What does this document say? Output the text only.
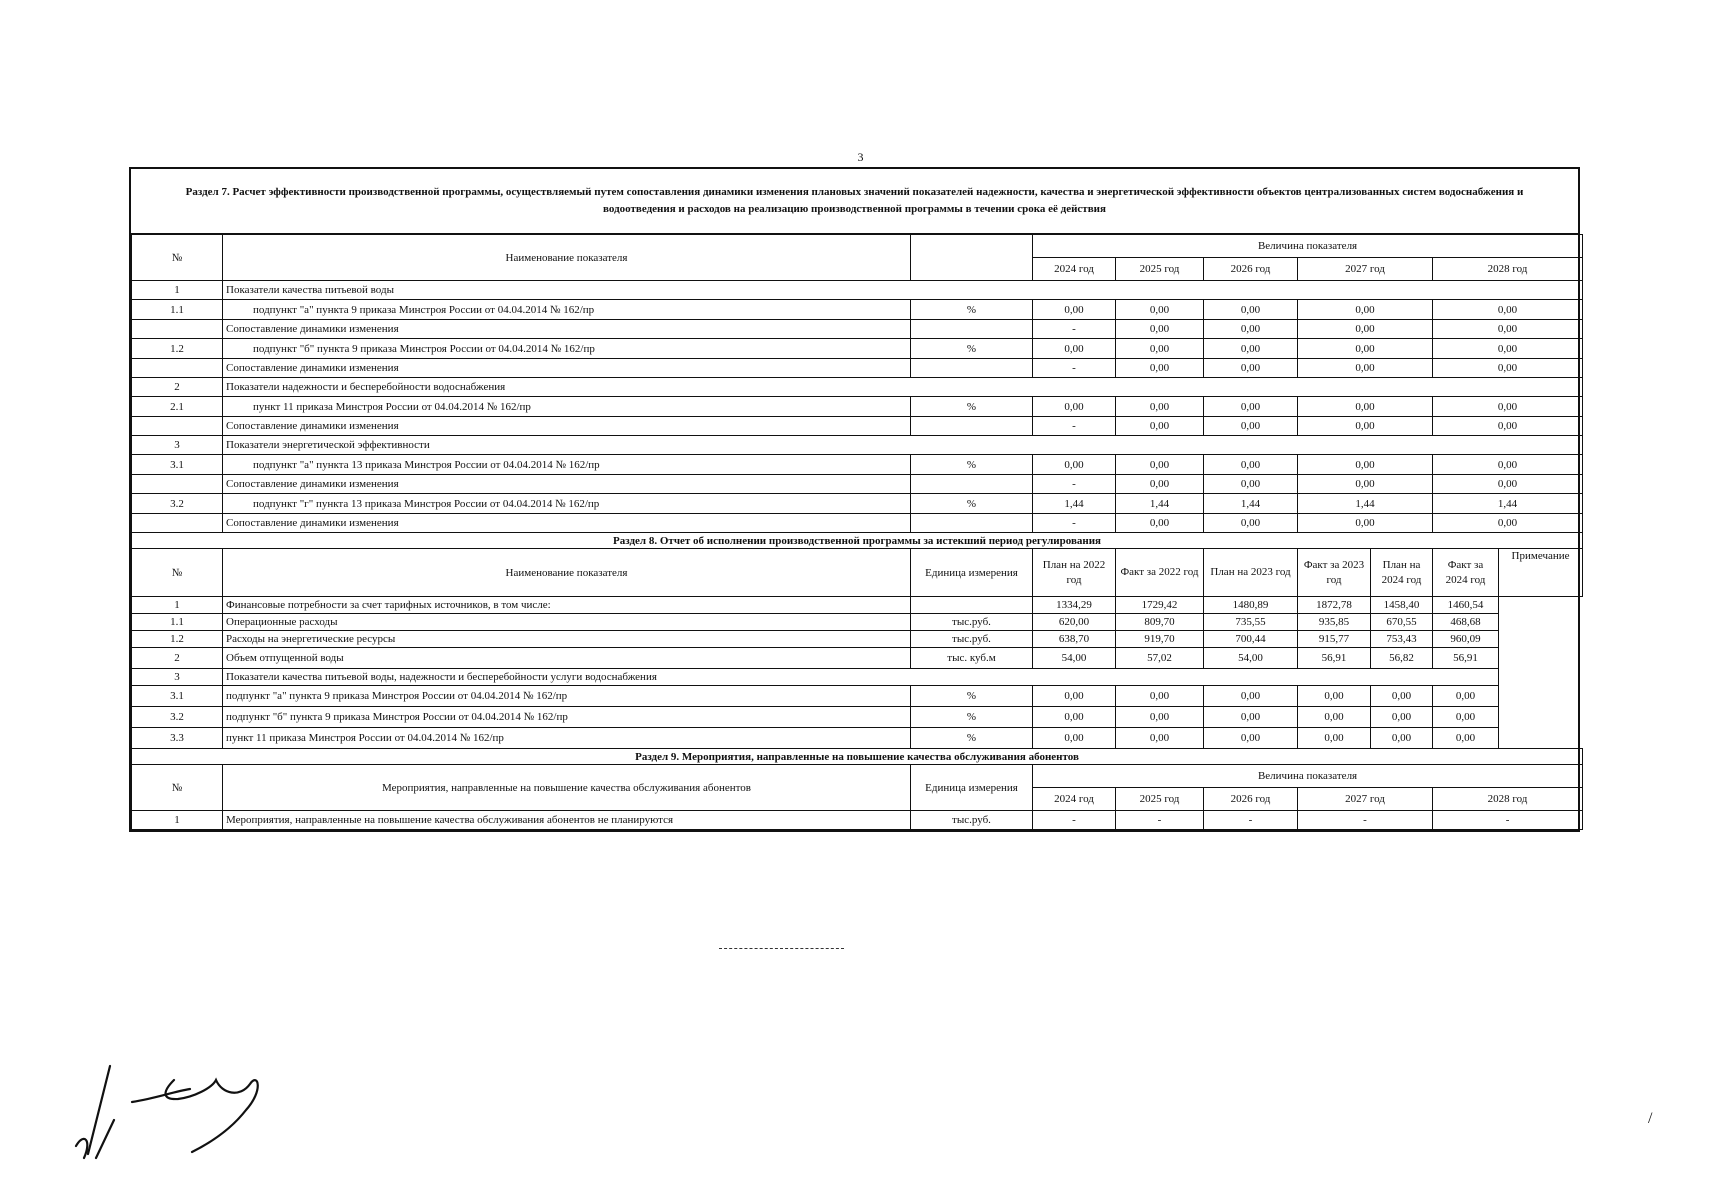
3
Раздел 7. Расчет эффективности производственной программы, осуществляемый путем сопоставления динамики изменения плановых значений показателей надежности, качества и энергетической эффективности объектов централизованных систем водоснабжения и водоотведения и расходов на реализацию производственной программы в течении срока её действия
№	Наименование показателя		Величина показателя						
			2024 год	2025 год	2026 год	2027 год		2028 год	
1	Показатели качества питьевой воды								
1.1	подпункт "а" пункта 9 приказа Минстроя России от 04.04.2014 № 162/пр	%	0,00	0,00	0,00	0,00		0,00	
	Сопоставление динамики изменения		-	0,00	0,00	0,00		0,00	
1.2	подпункт "б" пункта 9 приказа Минстроя России от 04.04.2014 № 162/пр	%	0,00	0,00	0,00	0,00		0,00	
	Сопоставление динамики изменения		-	0,00	0,00	0,00		0,00	
2	Показатели надежности и бесперебойности водоснабжения								
2.1	пункт 11 приказа Минстроя России от 04.04.2014 № 162/пр	%	0,00	0,00	0,00	0,00		0,00	
	Сопоставление динамики изменения		-	0,00	0,00	0,00		0,00	
3	Показатели энергетической эффективности								
3.1	подпункт "а" пункта 13 приказа Минстроя России от 04.04.2014 № 162/пр	%	0,00	0,00	0,00	0,00		0,00	
	Сопоставление динамики изменения		-	0,00	0,00	0,00		0,00	
3.2	подпункт "г" пункта 13 приказа Минстроя России от 04.04.2014 № 162/пр	%	1,44	1,44	1,44	1,44		1,44	
	Сопоставление динамики изменения		-	0,00	0,00	0,00		0,00	
Раздел 8. Отчет об исполнении производственной программы за истекший период регулирования									
№	Наименование показателя	Единица измерения	План на 2022 год	Факт за 2022 год	План на 2023 год	Факт за 2023 год	План на 2024 год	Факт за 2024 год	Примечание
1	Финансовые потребности за счет тарифных источников, в том числе:		1334,29	1729,42	1480,89	1872,78	1458,40	1460,54	
1.1	Операционные расходы	тыс.руб.	620,00	809,70	735,55	935,85	670,55	468,68	
1.2	Расходы на энергетические ресурсы	тыс.руб.	638,70	919,70	700,44	915,77	753,43	960,09	
2	Объем отпущенной воды	тыс. куб.м	54,00	57,02	54,00	56,91	56,82	56,91	
3	Показатели качества питьевой воды, надежности и бесперебойности услуги водоснабжения								
3.1	подпункт "а" пункта 9 приказа Минстроя России от 04.04.2014 № 162/пр	%	0,00	0,00	0,00	0,00	0,00	0,00	
3.2	подпункт "б" пункта 9 приказа Минстроя России от 04.04.2014 № 162/пр	%	0,00	0,00	0,00	0,00	0,00	0,00	
3.3	пункт 11 приказа Минстроя России от 04.04.2014 № 162/пр	%	0,00	0,00	0,00	0,00	0,00	0,00	
Раздел 9. Мероприятия, направленные на повышение качества обслуживания абонентов									
№	Мероприятия, направленные на повышение качества обслуживания абонентов	Единица измерения	Величина показателя						
			2024 год	2025 год	2026 год	2027 год		2028 год	
1	Мероприятия, направленные на повышение качества обслуживания абонентов не планируются	тыс.руб.	-	-	-	-		-	
/
